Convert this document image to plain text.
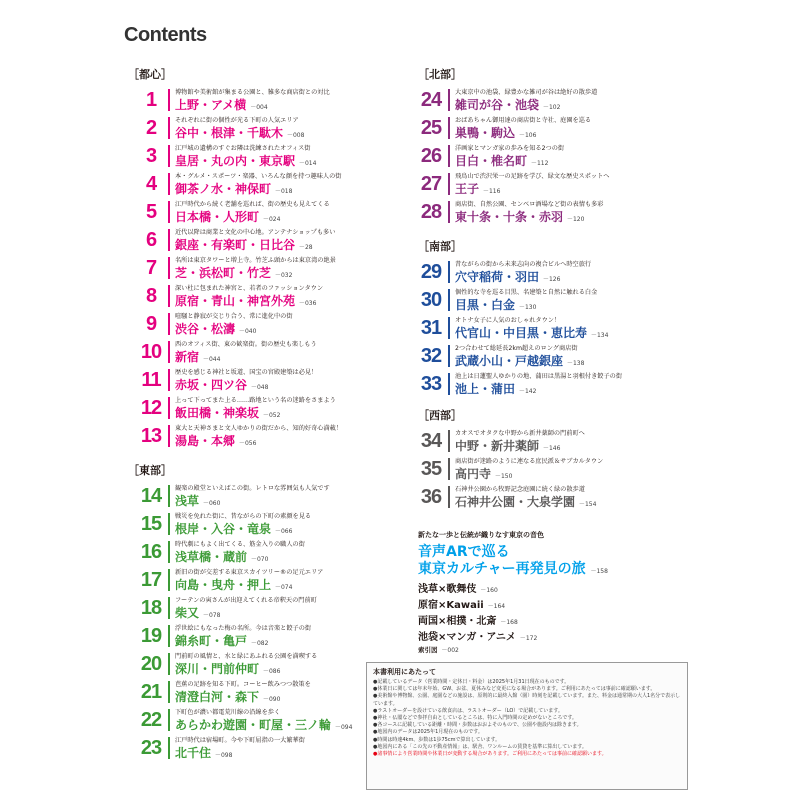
Contents
［都心］
［東部］
［北部］
［南部］
［西部］
1	博物館や美術館が集まる公園と、雑多な商店街との対比
上野・アメ横 －004
2	それぞれに街の個性が光る下町の人気エリア
谷中・根津・千駄木 －008
3	江戸城の遺構のすぐお隣は洗練されたオフィス街
皇居・丸の内・東京駅 －014
4	本・グルメ・スポーツ・楽器、いろんな顔を持つ趣味人の街
御茶ノ水・神保町 －018
5	江戸時代から続く老舗を巡れば、街の歴史も見えてくる
日本橋・人形町 －024
6	近代以降は商業と文化の中心地。アンテナショップも多い
銀座・有楽町・日比谷 －28
7	名所は東京タワーと増上寺。竹芝ふ頭からは東京湾の絶景
芝・浜松町・竹芝 －032
8	深い杜に包まれた神宮と、若者のファッションタウン
原宿・青山・神宮外苑 －036
9	喧騒と静寂が交じり合う、常に進化中の街
渋谷・松濤 －040
10	西のオフィス街、東の歓楽街。街の歴史も楽しもう
新宿 －044
11	歴史を感じる神社と坂道、国宝の宮殿建築は必見！
赤坂・四ツ谷 －048
12	上って下ってまた上る……路地という名の迷路をさまよう
飯田橋・神楽坂 －052
13	東大と天神さまと文人ゆかりの街だから、知的好奇心満載！
湯島・本郷 －056
14	観楽の殿堂といえばこの街。レトロな雰囲気も人気です
浅草 －060
15	戦災を免れた街に、昔ながらの下町の素顔を見る
根岸・入谷・竜泉 －066
16	時代劇にもよく出てくる、筋金入りの職人の街
浅草橋・蔵前 －070
17	新旧の街が交差する東京スカイツリー®の足元エリア
向島・曳舟・押上 －074
18	フーテンの寅さんが出迎えてくれる帝釈天の門前町
柴又 －078
19	浮世絵にもなった梅の名所。今は音楽と餃子の街
錦糸町・亀戸 －082
20	門前町の風情と、水と緑にあふれる公園を満喫する
深川・門前仲町 －086
21	芭蕉の足跡を知る下町。コーヒー飲みつつ散策を
清澄白河・森下 －090
22	下町色が濃い都電荒川線の沿線を歩く
あらかわ遊園・町屋・三ノ輪 －094
23	江戸時代は宿場町。今や下町屈指の一大繁華街
北千住 －098
24	大東京中の池袋、緑豊かな雑司が谷は絶好の散歩道
雑司が谷・池袋 －102
25	おばあちゃん御用達の商店街と寺社、庭園を巡る
巣鴨・駒込 －106
26	洋画家とマンガ家の歩みを知る2つの街
目白・椎名町 －112
27	飛鳥山で渋沢栄一の足跡を学び、緑文な歴史スポットへ
王子 －116
28	商店街、自然公園、センベロ酒場など街の表情も多彩
東十条・十条・赤羽 －120
29	昔ながらの街から未来志向の複合ビルへ時空旅行
穴守稲荷・羽田 －126
30	個性的な寺を巡る目黒、名建築と自然に触れる白金
目黒・白金 －130
31	オトナ女子に人気のおしゃれタウン！
代官山・中目黒・恵比寿 －134
32	2つ合わせて総延長2km超えのロング商店街
武蔵小山・戸越銀座 －138
33	池上は日蓮聖人ゆかりの地、蒲田は黒湯と羽根付き餃子の街
池上・蒲田 －142
34	カオスでオタクな中野から新井薬師の門前町へ
中野・新井薬師 －146
35	商店街が迷路のように連なる庶民派＆サブカルタウン
高円寺 －150
36	石神井公園から牧野記念庭園に続く緑の散歩道
石神井公園・大泉学園 －154
新たな一歩と伝統が織りなす東京の音色
音声ARで巡る
東京カルチャー再発見の旅 －158
浅草×歌舞伎 －160
原宿×Kawaii －164
両国×相撲・北斎 －168
池袋×マンガ・アニメ －172
索引図 －002
本書利用にあたって

●記載しているデータ（営業時間・定休日・料金）は2025年1月31日現在のものです。

●休業日に関しては年末年始、GW、お盆、夏休みなど変更になる場合があります。ご利用にあたっては事前に確認願います。

●美術館や博物館、公園、庭園などの施設は、原則的に最終入館（園）時刻を記載しています。また、料金は通常期の大人1名分で表示しています。

●ラストオーダーを設けている飲食店は、ラストオーダー（LO）で記載しています。

●神社・仏閣などで参拝自由としているところは、特に入門時間の定めがないところです。

●各コースに記載している距離・時間・歩数はおおよそのもので、公園や施設内は除きます。

●地図内のデータは2025年1月現在のものです。

●時間は時速4km、歩数は1歩75cmで算出しています。

●地図内にある「この先の不動産情報」は、駅舎、ワンルームの賃貸を基準に算出しています。

●諸事情により営業時間や休業日が変動する場合があります。ご利用にあたっては事前に確認願います。
